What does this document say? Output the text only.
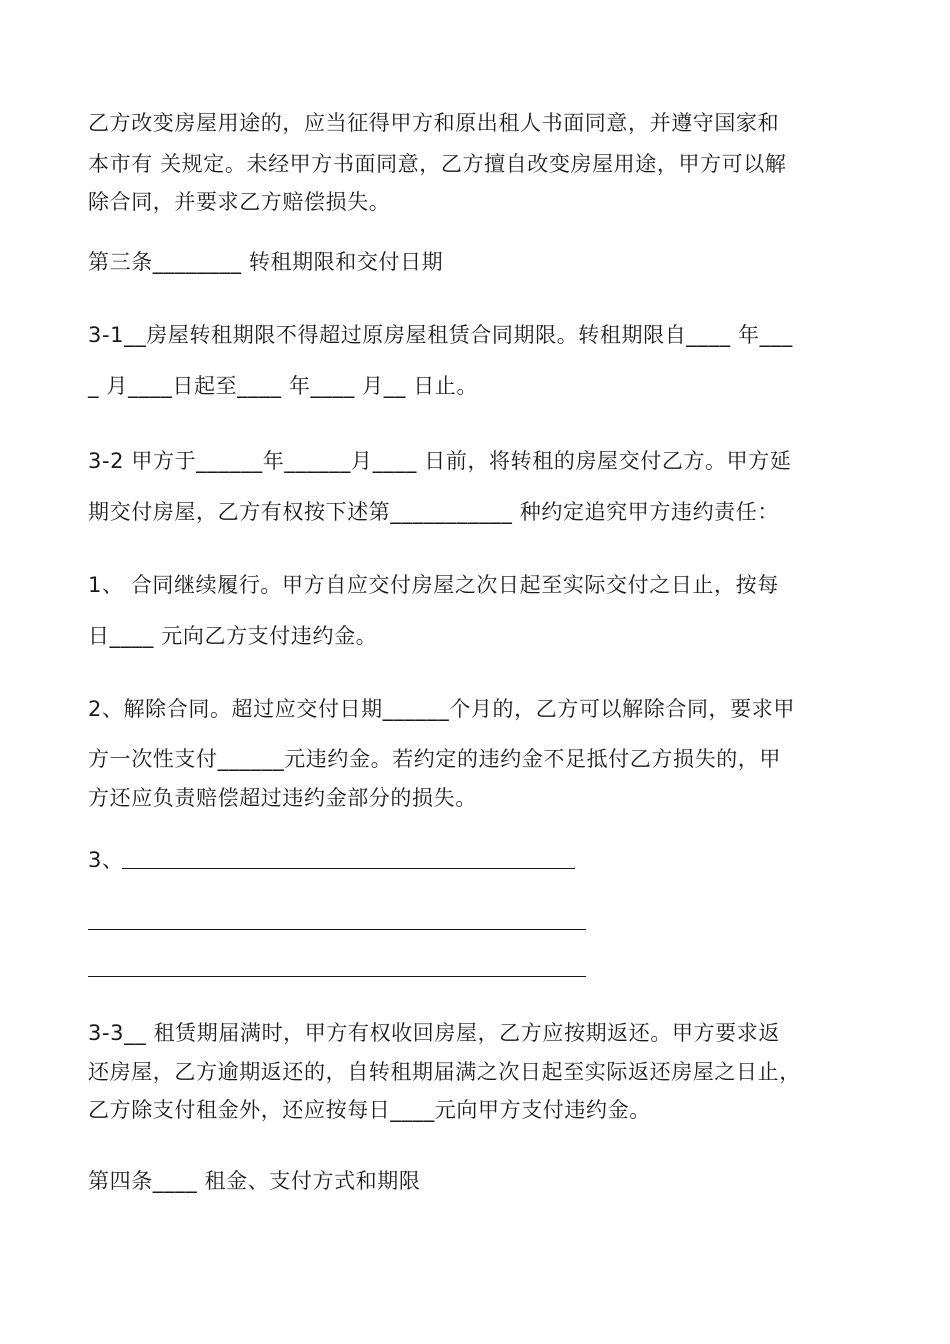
乙方改变房屋用途的，应当征得甲方和原出租人书面同意，并遵守国家和
本市有 关规定。未经甲方书面同意，乙方擅自改变房屋用途，甲方可以解
除合同，并要求乙方赔偿损失。
第三条________ 转租期限和交付日期
3-1__房屋转租期限不得超过原房屋租赁合同期限。转租期限自____ 年___
_ 月____日起至____ 年____ 月__ 日止。
3-2 甲方于______年______月____ 日前，将转租的房屋交付乙方。甲方延
期交付房屋，乙方有权按下述第___________ 种约定追究甲方违约责任：
1、 合同继续履行。甲方自应交付房屋之次日起至实际交付之日止，按每
日____ 元向乙方支付违约金。
2、解除合同。超过应交付日期______个月的，乙方可以解除合同，要求甲
方一次性支付______元违约金。若约定的违约金不足抵付乙方损失的，甲
方还应负责赔偿超过违约金部分的损失。
3、
3-3__ 租赁期届满时，甲方有权收回房屋，乙方应按期返还。甲方要求返
还房屋，乙方逾期返还的，自转租期届满之次日起至实际返还房屋之日止，
乙方除支付租金外，还应按每日____元向甲方支付违约金。
第四条____ 租金、支付方式和期限
